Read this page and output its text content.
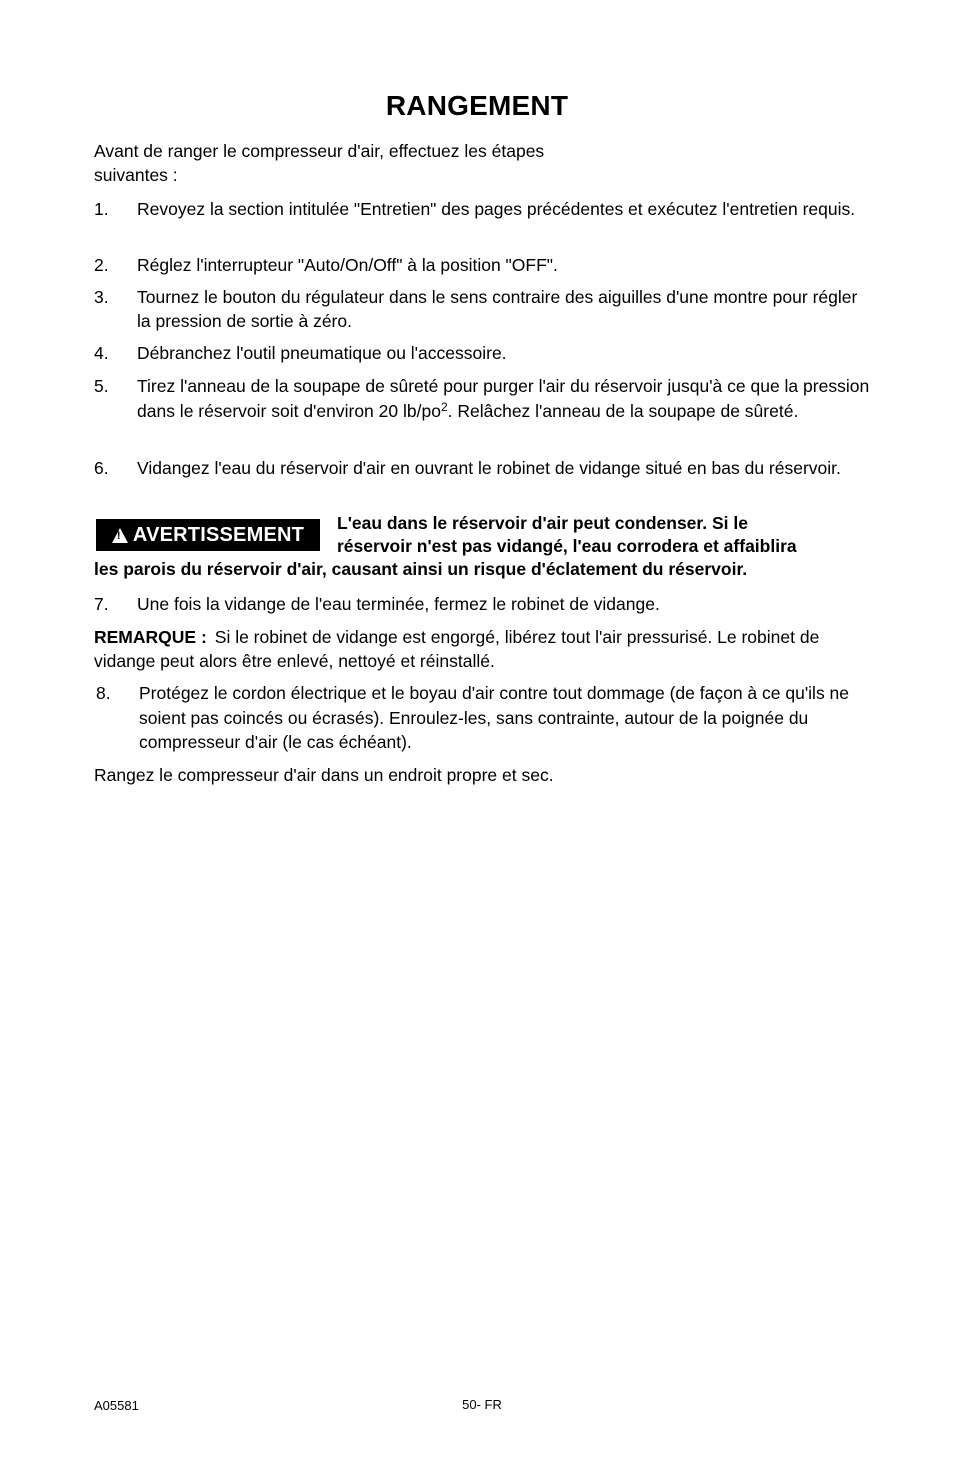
RANGEMENT
Avant de ranger le compresseur d'air, effectuez les étapes
suivantes :
1. Revoyez la section intitulée "Entretien" des pages précédentes et exécutez l'entretien requis.
2. Réglez l'interrupteur "Auto/On/Off" à la position "OFF".
3. Tournez le bouton du régulateur dans le sens contraire des aiguilles d'une montre pour régler la pression de sortie à zéro.
4. Débranchez l'outil pneumatique ou l'accessoire.
5. Tirez l'anneau de la soupape de sûreté pour purger l'air du réservoir jusqu'à ce que la pression dans le réservoir soit d'environ 20 $lb/po^2$. Relâchez l'anneau de la soupape de sûreté.
6. Vidangez l'eau du réservoir d'air en ouvrant le robinet de vidange situé en bas du réservoir.
!
AVERTISSEMENT
L'eau dans le réservoir d'air peut condenser. Si le
réservoir n'est pas vidangé, l'eau corrodera et affaiblira
les parois du réservoir d'air, causant ainsi un risque d'éclatement du réservoir.
7. Une fois la vidange de l'eau terminée, fermez le robinet de vidange.
REMARQUE : Si le robinet de vidange est engorgé, libérez tout l'air pressurisé. Le robinet de vidange peut alors être enlevé, nettoyé et réinstallé.
8. Protégez le cordon électrique et le boyau d'air contre tout dommage (de façon à ce qu'ils ne soient pas coincés ou écrasés). Enroulez-les, sans contrainte, autour de la poignée du compresseur d'air (le cas échéant).
Rangez le compresseur d'air dans un endroit propre et sec.
A05581	50- FR
